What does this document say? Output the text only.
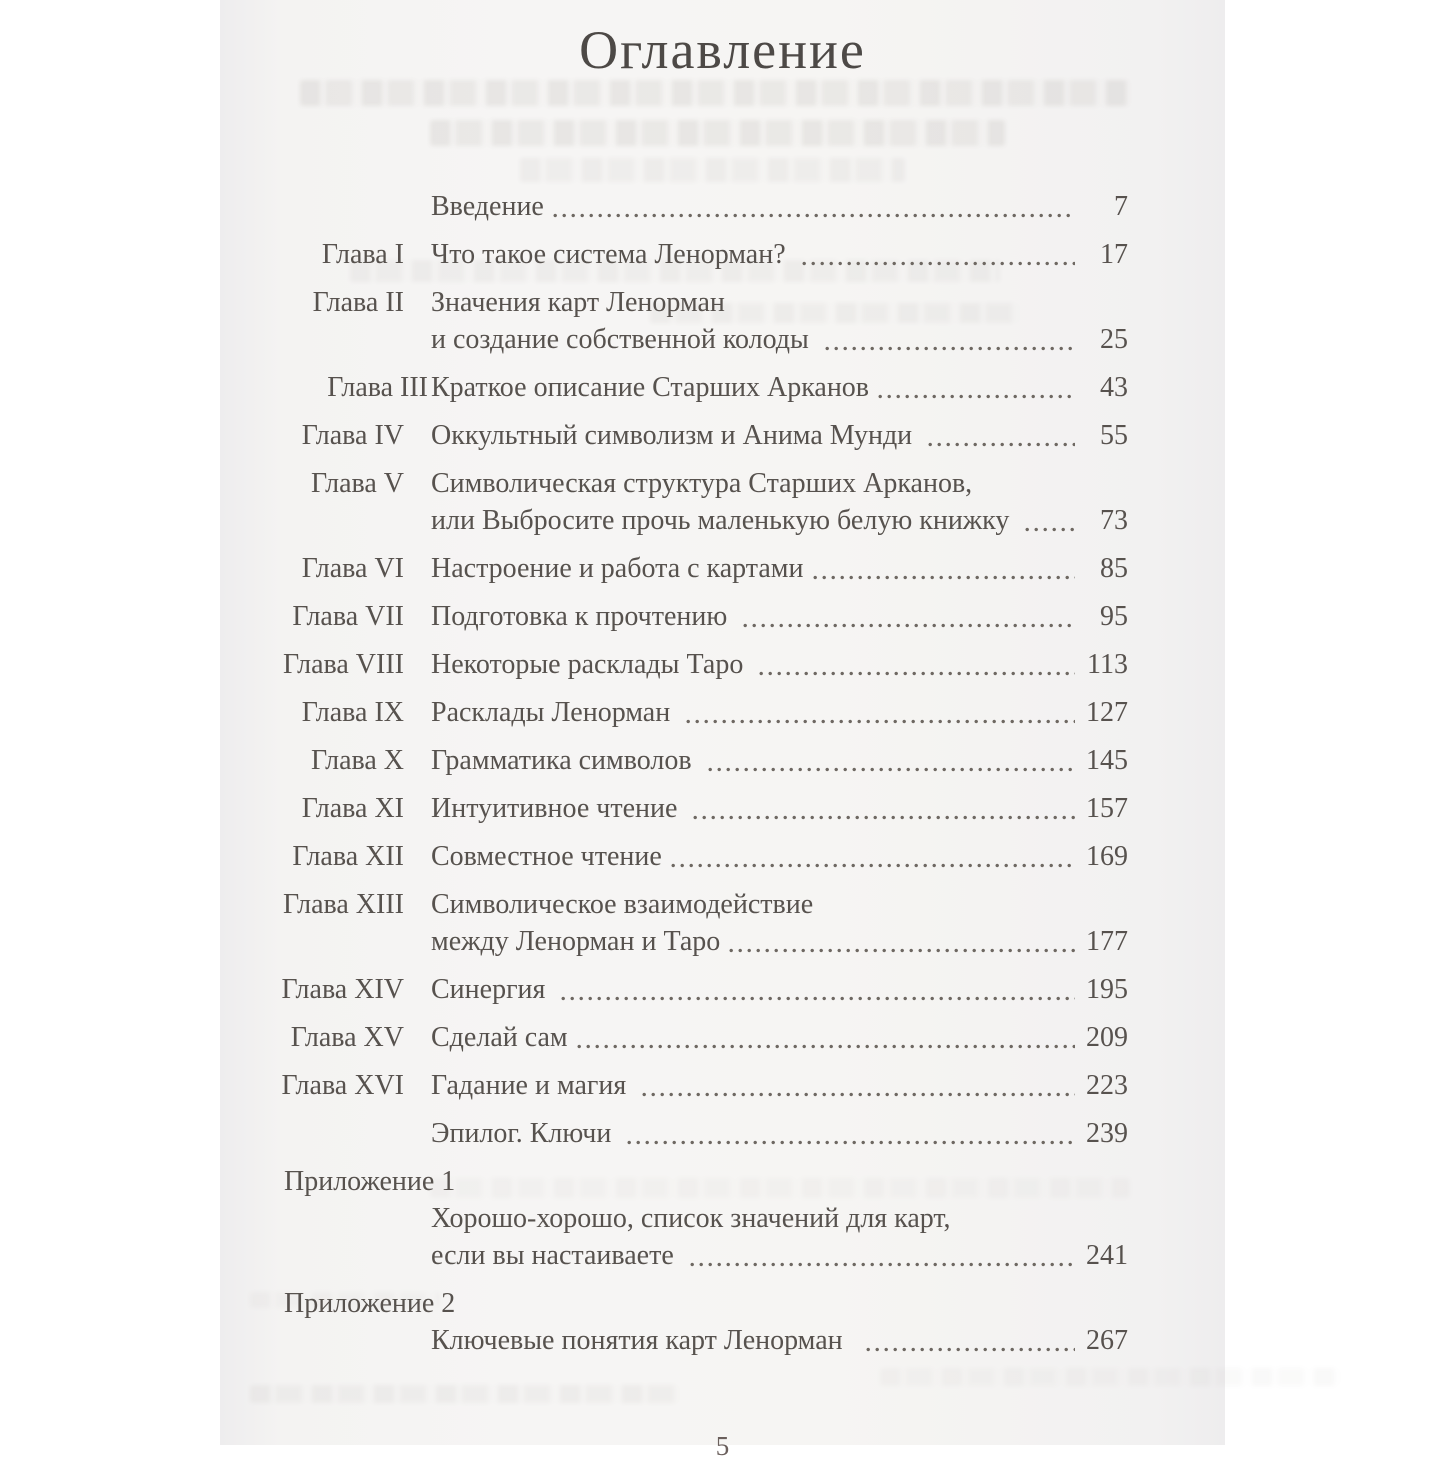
Оглавление
Введение	7
Глава I Что такое система Ленорман?	17
Глава II Значения карт Ленорман
и создание собственной колоды	25
Глава III Краткое описание Старших Арканов	43
Глава IV Оккультный символизм и Анима Мунди	55
Глава V Символическая структура Старших Арканов,
или Выбросите прочь маленькую белую книжку	73
Глава VI Настроение и работа с картами	85
Глава VII Подготовка к прочтению	95
Глава VIII Некоторые расклады Таро	113
Глава IX Расклады Ленорман	127
Глава X Грамматика символов	145
Глава XI Интуитивное чтение	157
Глава XII Совместное чтение	169
Глава XIII Символическое взаимодействие
между Ленорман и Таро	177
Глава XIV Синергия	195
Глава XV Сделай сам	209
Глава XVI Гадание и магия	223
Эпилог. Ключи	239
Приложение 1
Хорошо-хорошо, список значений для карт,
если вы настаиваете	241
Приложение 2
Ключевые понятия карт Ленорман	267
5
